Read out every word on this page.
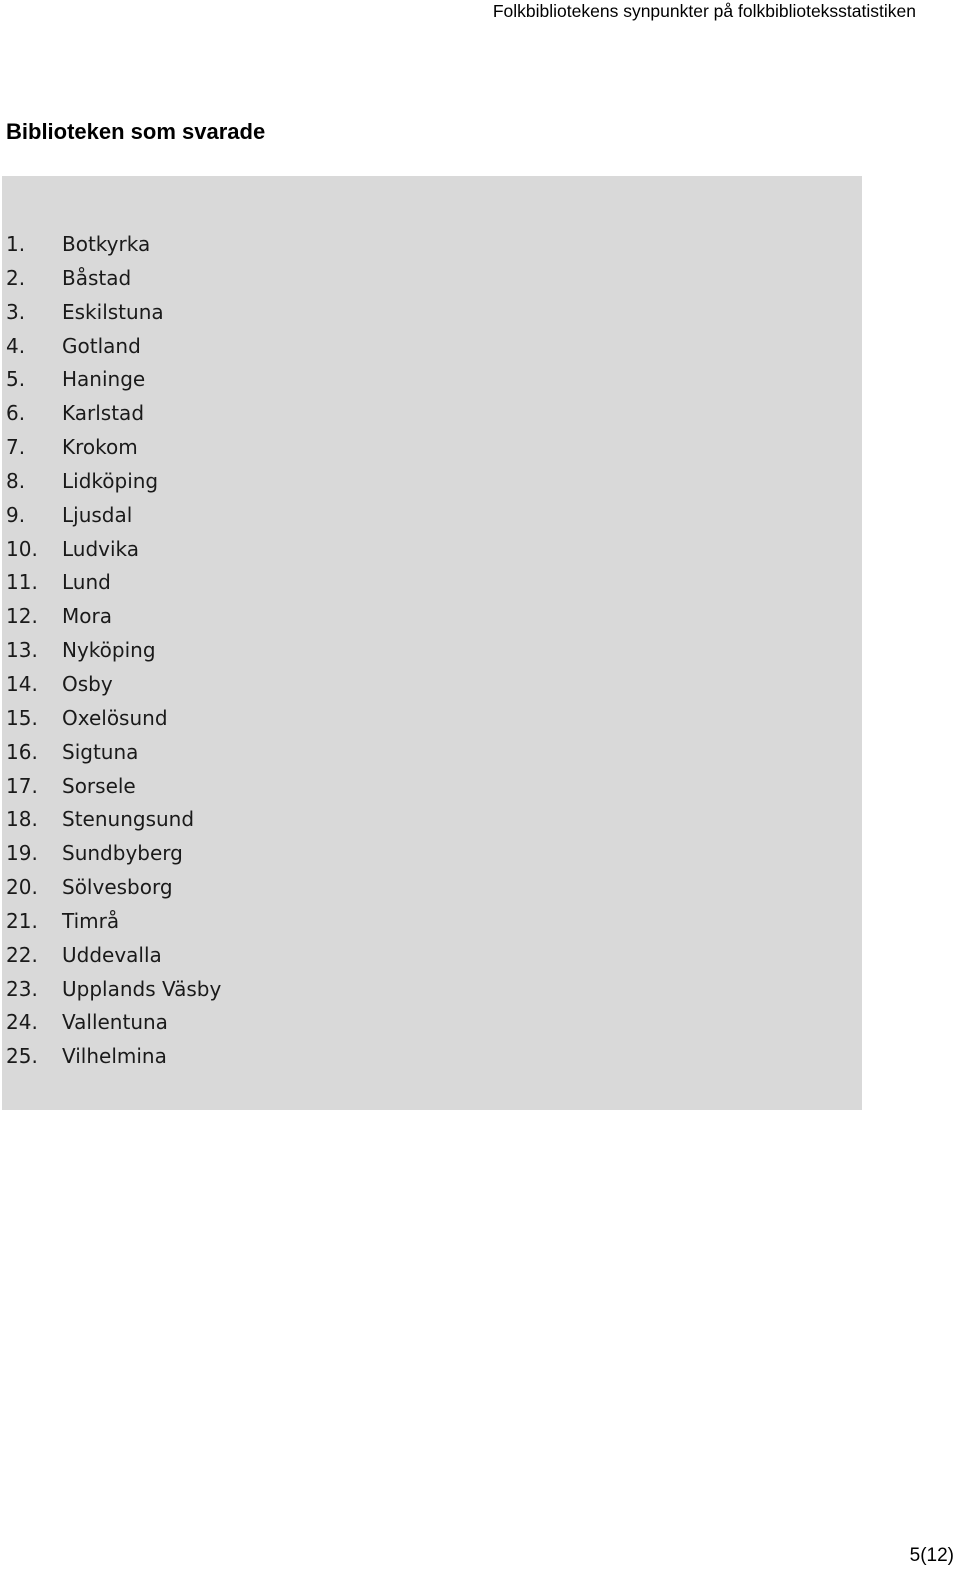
Folkbibliotekens synpunkter på folkbiblioteksstatistiken
Biblioteken som svarade
1. Botkyrka
2. Båstad
3. Eskilstuna
4. Gotland
5. Haninge
6. Karlstad
7. Krokom
8. Lidköping
9. Ljusdal
10. Ludvika
11. Lund
12. Mora
13. Nyköping
14. Osby
15. Oxelösund
16. Sigtuna
17. Sorsele
18. Stenungsund
19. Sundbyberg
20. Sölvesborg
21. Timrå
22. Uddevalla
23. Upplands Väsby
24. Vallentuna
25. Vilhelmina
5(12)
